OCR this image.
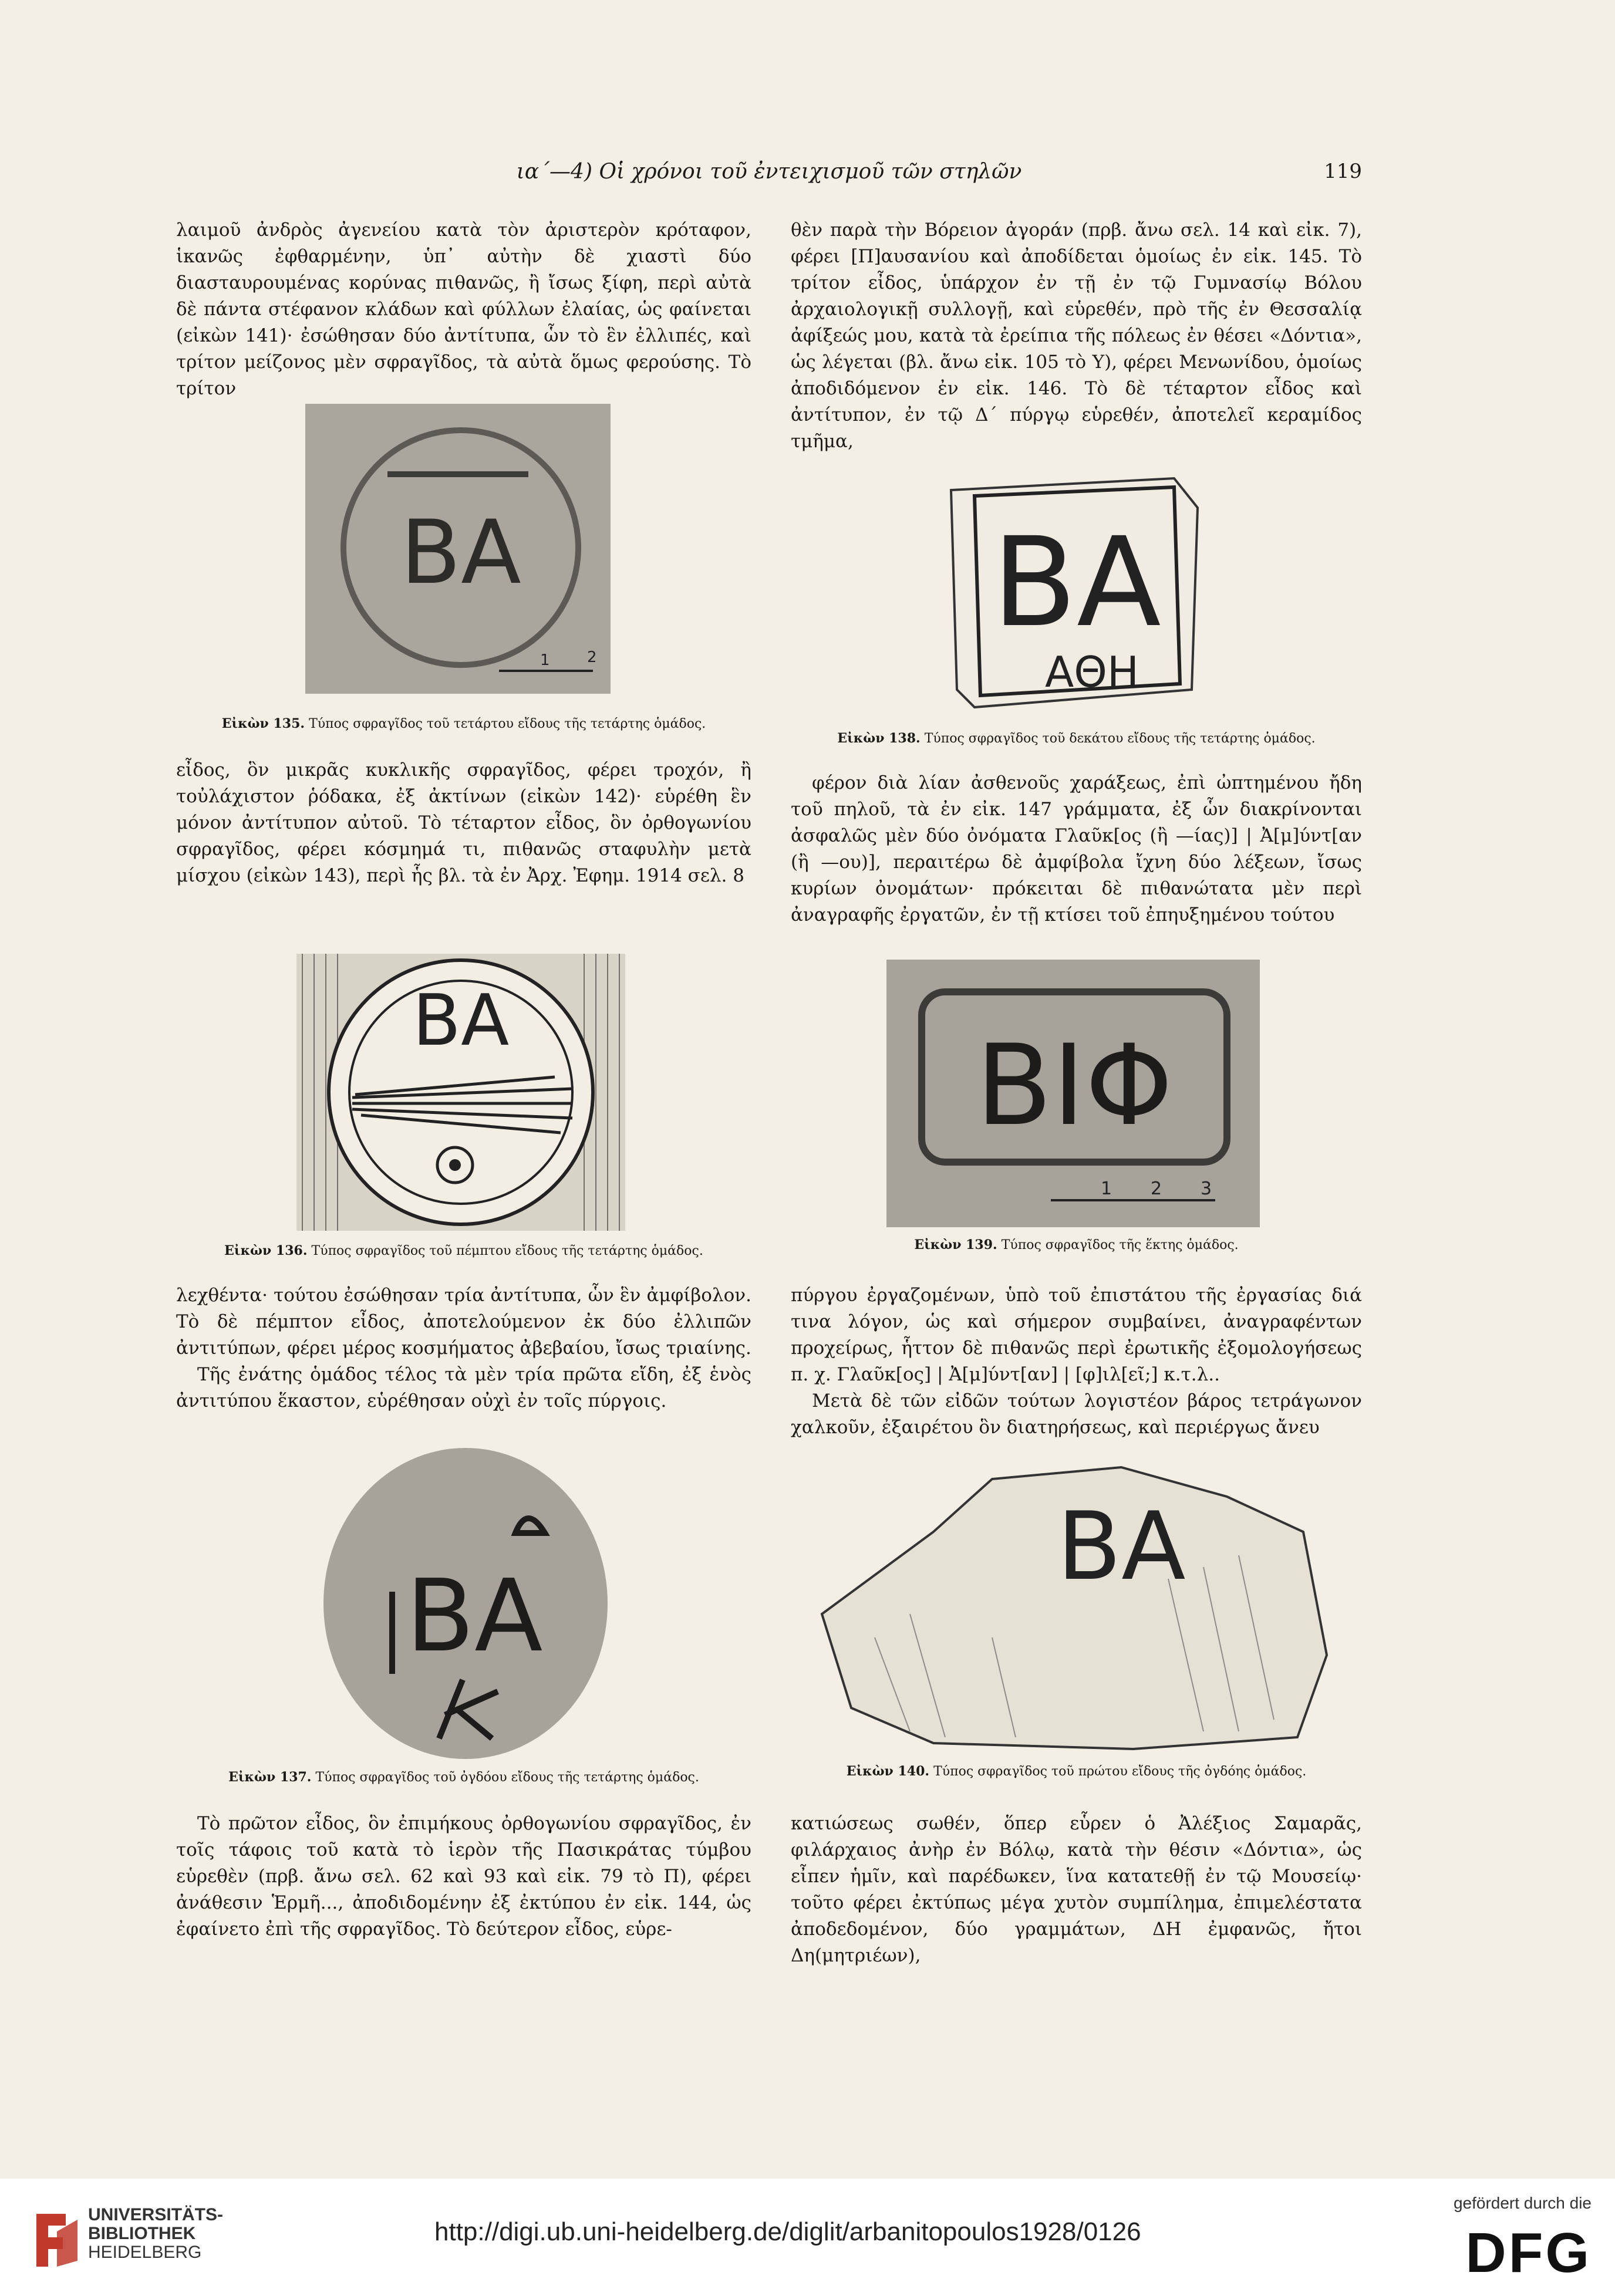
ια΄—4) Οἱ χρόνοι τοῦ ἐντειχισμοῦ τῶν στηλῶν	119

λαιμοῦ ἀνδρὸς ἀγενείου κατὰ τὸν ἀριστερὸν κρόταφον, ἱκανῶς ἐφθαρμένην, ὑπ᾽ αὐτὴν δὲ χιαστὶ δύο διασταυρουμένας κορύνας πιθανῶς, ἢ ἴσως ξίφη, περὶ αὐτὰ δὲ πάντα στέφανον κλάδων καὶ φύλλων ἐλαίας, ὡς φαίνεται (εἰκὼν 141)· ἐσώθησαν δύο ἀντίτυπα, ὧν τὸ ἓν ἐλλιπές, καὶ τρίτον μείζονος μὲν σφραγῖδος, τὰ αὐτὰ ὅμως φερούσης. Τὸ τρίτον

ΒΑ
1 2
Εἰκὼν 135. Τύπος σφραγῖδος τοῦ τετάρτου εἴδους τῆς τετάρτης ὁμάδος.

εἶδος, ὃν μικρᾶς κυκλικῆς σφραγῖδος, φέρει τροχόν, ἢ τοὐλάχιστον ῥόδακα, ἐξ ἀκτίνων (εἰκὼν 142)· εὑρέθη ἓν μόνον ἀντίτυπον αὐτοῦ. Τὸ τέταρτον εἶδος, ὃν ὀρθογωνίου σφραγῖδος, φέρει κόσμημά τι, πιθανῶς σταφυλὴν μετὰ μίσχου (εἰκὼν 143), περὶ ἧς βλ. τὰ ἐν Ἀρχ. Ἐφημ. 1914 σελ. 8

ΒΑ
Εἰκὼν 136. Τύπος σφραγῖδος τοῦ πέμπτου εἴδους τῆς τετάρτης ὁμάδος.

λεχθέντα· τούτου ἐσώθησαν τρία ἀντίτυπα, ὧν ἓν ἀμφίβολον. Τὸ δὲ πέμπτον εἶδος, ἀποτελούμενον ἐκ δύο ἐλλιπῶν ἀντιτύπων, φέρει μέρος κοσμήματος ἀβεβαίου, ἴσως τριαίνης.

Τῆς ἐνάτης ὁμάδος τέλος τὰ μὲν τρία πρῶτα εἴδη, ἐξ ἑνὸς ἀντιτύπου ἕκαστον, εὑρέθησαν οὐχὶ ἐν τοῖς πύργοις.

ΒΑ
Εἰκὼν 137. Τύπος σφραγῖδος τοῦ ὀγδόου εἴδους τῆς τετάρτης ὁμάδος.

Τὸ πρῶτον εἶδος, ὃν ἐπιμήκους ὀρθογωνίου σφραγῖδος, ἐν τοῖς τάφοις τοῦ κατὰ τὸ ἱερὸν τῆς Πασικράτας τύμβου εὑρεθὲν (πρβ. ἄνω σελ. 62 καὶ 93 καὶ εἰκ. 79 τὸ Π), φέρει ἀνάθεσιν Ἑρμῆ..., ἀποδιδομένην ἐξ ἐκτύπου ἐν εἰκ. 144, ὡς ἐφαίνετο ἐπὶ τῆς σφραγῖδος. Τὸ δεύτερον εἶδος, εὑρε-

θὲν παρὰ τὴν Βόρειον ἀγοράν (πρβ. ἄνω σελ. 14 καὶ εἰκ. 7), φέρει [Π]αυσανίου καὶ ἀποδίδεται ὁμοίως ἐν εἰκ. 145. Τὸ τρίτον εἶδος, ὑπάρχον ἐν τῇ ἐν τῷ Γυμνασίῳ Βόλου ἀρχαιολογικῇ συλλογῇ, καὶ εὑρεθέν, πρὸ τῆς ἐν Θεσσαλίᾳ ἀφίξεώς μου, κατὰ τὰ ἐρείπια τῆς πόλεως ἐν θέσει «Δόντια», ὡς λέγεται (βλ. ἄνω εἰκ. 105 τὸ Υ), φέρει Μενωνίδου, ὁμοίως ἀποδιδόμενον ἐν εἰκ. 146. Τὸ δὲ τέταρτον εἶδος καὶ ἀντίτυπον, ἐν τῷ Δ΄ πύργῳ εὑρεθέν, ἀποτελεῖ κεραμίδος τμῆμα,

ΒΑ
ΑΘΗ
Εἰκὼν 138. Τύπος σφραγῖδος τοῦ δεκάτου εἴδους τῆς τετάρτης ὁμάδος.

φέρον διὰ λίαν ἀσθενοῦς χαράξεως, ἐπὶ ὠπτημένου ἤδη τοῦ πηλοῦ, τὰ ἐν εἰκ. 147 γράμματα, ἐξ ὧν διακρίνονται ἀσφαλῶς μὲν δύο ὀνόματα Γλαῦκ[ος (ἢ —ίας)] | Ἀ[μ]ύντ[αν (ἢ —ου)], περαιτέρω δὲ ἀμφίβολα ἴχνη δύο λέξεων, ἴσως κυρίων ὀνομάτων· πρόκειται δὲ πιθανώτατα μὲν περὶ ἀναγραφῆς ἐργατῶν, ἐν τῇ κτίσει τοῦ ἐπηυξημένου τούτου

ΒΙΦ
1 2 3
Εἰκὼν 139. Τύπος σφραγῖδος τῆς ἕκτης ὁμάδος.

πύργου ἐργαζομένων, ὑπὸ τοῦ ἐπιστάτου τῆς ἐργασίας διά τινα λόγον, ὡς καὶ σήμερον συμβαίνει, ἀναγραφέντων προχείρως, ἧττον δὲ πιθανῶς περὶ ἐρωτικῆς ἐξομολογήσεως π. χ. Γλαῦκ[ος] | Ἀ[μ]ύντ[αν] | [φ]ιλ[εῖ;] κ.τ.λ..

Μετὰ δὲ τῶν εἰδῶν τούτων λογιστέον βάρος τετράγωνον χαλκοῦν, ἐξαιρέτου ὃν διατηρήσεως, καὶ περιέργως ἄνευ

ΒΑ
Εἰκὼν 140. Τύπος σφραγῖδος τοῦ πρώτου εἴδους τῆς ὀγδόης ὁμάδος.

κατιώσεως σωθέν, ὅπερ εὗρεν ὁ Ἀλέξιος Σαμαρᾶς, φιλάρχαιος ἀνὴρ ἐν Βόλῳ, κατὰ τὴν θέσιν «Δόντια», ὡς εἶπεν ἡμῖν, καὶ παρέδωκεν, ἵνα κατατεθῇ ἐν τῷ Μουσείῳ· τοῦτο φέρει ἐκτύπως μέγα χυτὸν συμπίλημα, ἐπιμελέστατα ἀποδεδομένον, δύο γραμμάτων, ΔΗ ἐμφανῶς, ἤτοι Δη(μητριέων),

UNIVERSITÄTS-
BIBLIOTHEK
HEIDELBERG
http://digi.ub.uni-heidelberg.de/diglit/arbanitopoulos1928/0126
gefördert durch die
DFG
